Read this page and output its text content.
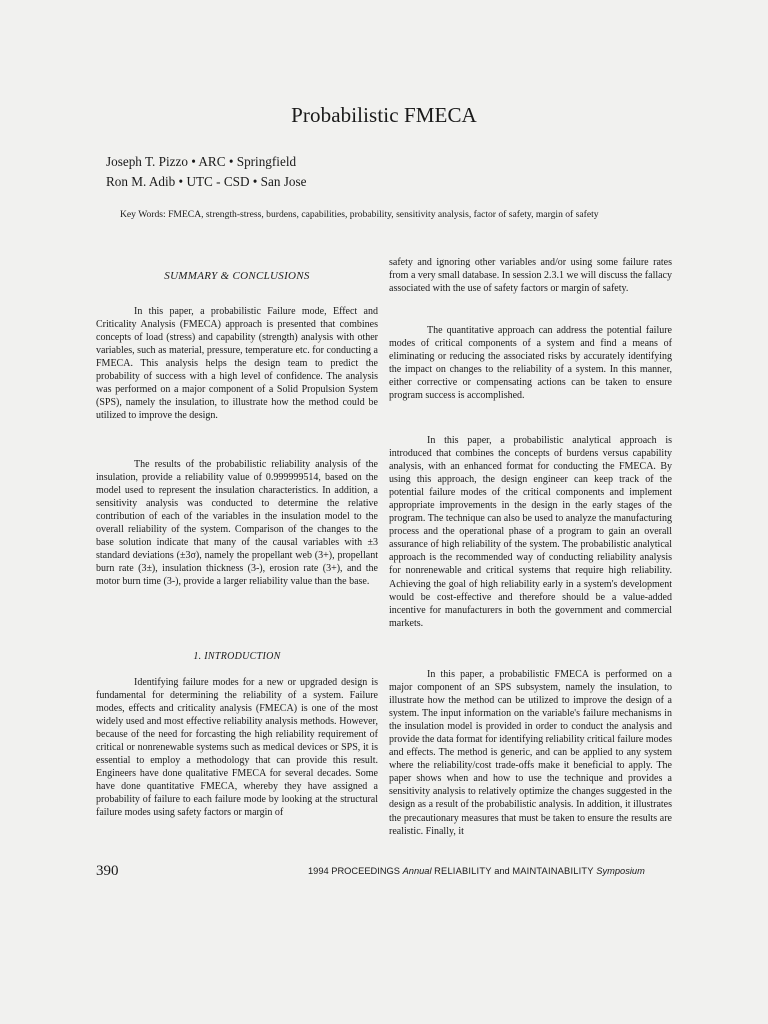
Probabilistic FMECA
Joseph T. Pizzo • ARC • Springfield
Ron M. Adib • UTC - CSD • San Jose
Key Words: FMECA, strength-stress, burdens, capabilities, probability, sensitivity analysis, factor of safety, margin of safety
SUMMARY & CONCLUSIONS

In this paper, a probabilistic Failure mode, Effect and Criticality Analysis (FMECA) approach is presented that combines concepts of load (stress) and capability (strength) analysis with other variables, such as material, pressure, temperature etc. for conducting a FMECA. This analysis helps the design team to predict the probability of success with a high level of confidence. The analysis was performed on a major component of a Solid Propulsion System (SPS), namely the insulation, to illustrate how the method could be utilized to improve the design.

The results of the probabilistic reliability analysis of the insulation, provide a reliability value of 0.999999514, based on the model used to represent the insulation characteristics. In addition, a sensitivity analysis was conducted to determine the relative contribution of each of the variables in the insulation model to the overall reliability of the system. Comparison of the changes to the base solution indicate that many of the causal variables with ±3 standard deviations (±3σ), namely the propellant web (3+), propellant burn rate (3±), insulation thickness (3-), erosion rate (3+), and the motor burn time (3-), provide a larger reliability value than the base.

1. INTRODUCTION

Identifying failure modes for a new or upgraded design is fundamental for determining the reliability of a system. Failure modes, effects and criticality analysis (FMECA) is one of the most widely used and most effective reliability analysis methods. However, because of the need for forcasting the high reliability requirement of critical or nonrenewable systems such as medical devices or SPS, it is essential to employ a methodology that can provide this result. Engineers have done qualitative FMECA for several decades. Some have done quantitative FMECA, whereby they have assigned a probability of failure to each failure mode by looking at the structural failure modes using safety factors or margin of

safety and ignoring other variables and/or using some failure rates from a very small database. In session 2.3.1 we will discuss the fallacy associated with the use of safety factors or margin of safety.

The quantitative approach can address the potential failure modes of critical components of a system and find a means of eliminating or reducing the associated risks by accurately identifying the impact on changes to the reliability of a system. In this manner, either corrective or compensating actions can be taken to ensure program success is accomplished.

In this paper, a probabilistic analytical approach is introduced that combines the concepts of burdens versus capability analysis, with an enhanced format for conducting the FMECA. By using this approach, the design engineer can keep track of the potential failure modes of the critical components and implement appropriate improvements in the design in the early stages of the program. The technique can also be used to analyze the manufacturing process and the operational phase of a program to gain an overall assurance of high reliability of the system. The probabilistic analytical approach is the recommended way of conducting reliability analysis for nonrenewable and critical systems that require high reliability. Achieving the goal of high reliability early in a system's development would be cost-effective and therefore should be a value-added incentive for manufacturers in both the government and commercial markets.

In this paper, a probabilistic FMECA is performed on a major component of an SPS subsystem, namely the insulation, to illustrate how the method can be utilized to improve the design of a system. The input information on the variable's failure mechanisms in the insulation model is provided in order to conduct the analysis and provide the data format for identifying reliability critical failure modes and effects. The method is generic, and can be applied to any system where the reliability/cost trade-offs make it beneficial to apply. The paper shows when and how to use the technique and provides a sensitivity analysis to relatively optimize the changes suggested in the design as a result of the probabilistic analysis. In addition, it illustrates the precautionary measures that must be taken to ensure the results are realistic. Finally, it

390	1994 PROCEEDINGS Annual RELIABILITY and MAINTAINABILITY Symposium
